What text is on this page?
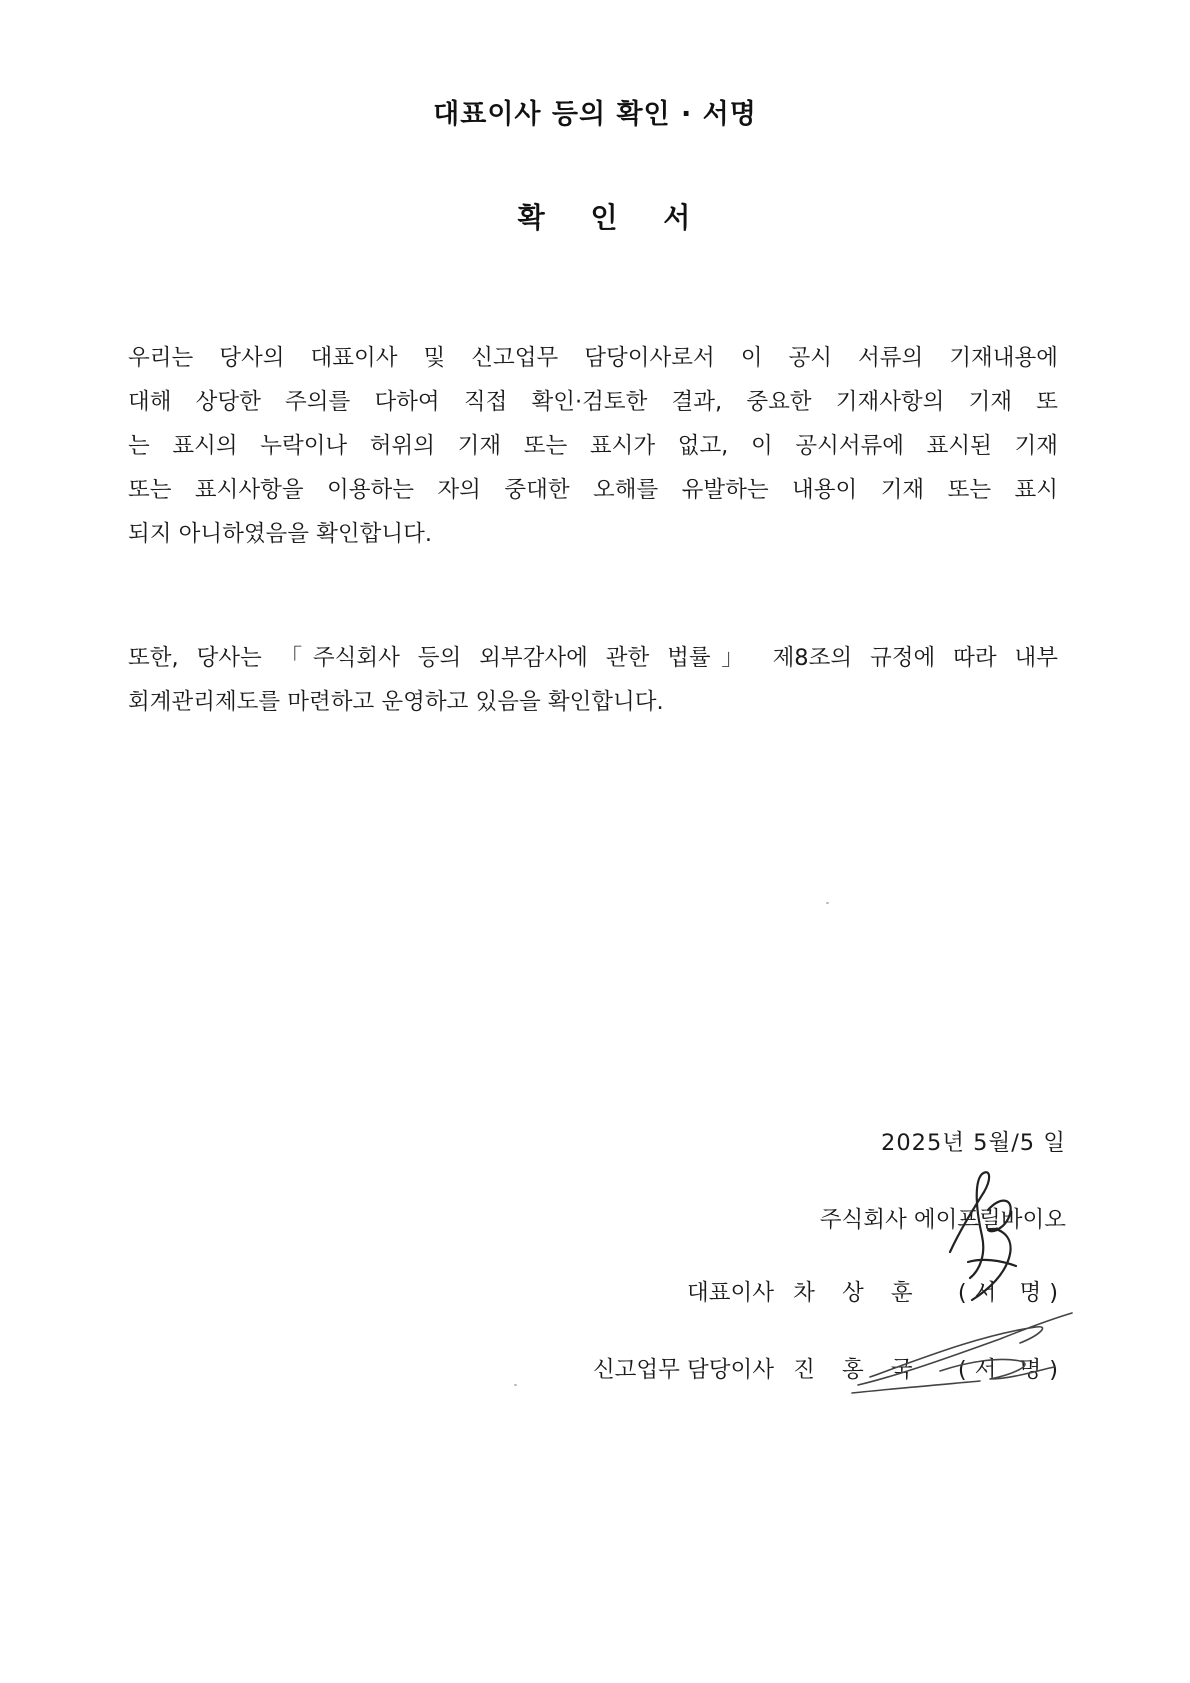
대표이사 등의 확인 · 서명
확 인 서
우리는 당사의 대표이사 및 신고업무 담당이사로서 이 공시 서류의 기재내용에
대해 상당한 주의를 다하여 직접 확인·검토한 결과, 중요한 기재사항의 기재 또
는 표시의 누락이나 허위의 기재 또는 표시가 없고, 이 공시서류에 표시된 기재
또는 표시사항을 이용하는 자의 중대한 오해를 유발하는 내용이 기재 또는 표시
되지 아니하였음을 확인합니다.
또한, 당사는 「주식회사 등의 외부감사에 관한 법률」 제8조의 규정에 따라 내부
회계관리제도를 마련하고 운영하고 있음을 확인합니다.
2025년 5월/5 일
주식회사 에이프릴바이오
대표이사 차 상 훈 (서 명)
신고업무 담당이사 진 홍 국 (서 명)
